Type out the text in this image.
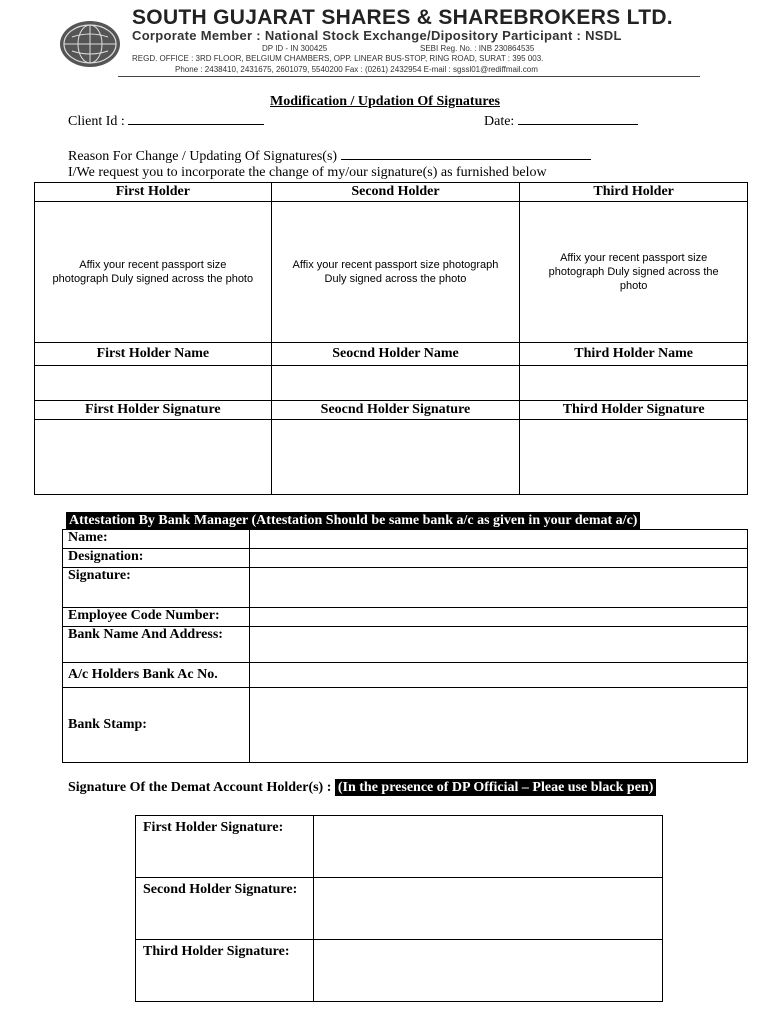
SOUTH GUJARAT SHARES & SHAREBROKERS LTD.
Corporate Member : National Stock Exchange/Dipository Participant : NSDL
DP ID - IN 300425	SEBI Reg. No. : INB 230864535
REGD. OFFICE : 3RD FLOOR, BELGIUM CHAMBERS, OPP. LINEAR BUS-STOP, RING ROAD, SURAT : 395 003.
Phone : 2438410, 2431675, 2601079, 5540200 Fax : (0261) 2432954 E-mail : sgssl01@rediffmail.com
Modification / Updation Of Signatures
Client Id :	Date:
Reason For Change / Updating Of Signatures(s)
I/We request you to incorporate the change of my/our signature(s) as furnished below
First Holder	Second Holder	Third Holder

Affix your recent passport size photograph Duly signed across the photo	Affix your recent passport size photograph Duly signed across the photo	Affix your recent passport size photograph Duly signed across the photo

First Holder Name	Seocnd Holder Name	Third Holder Name

First Holder Signature	Seocnd Holder Signature	Third Holder Signature

Attestation By Bank Manager (Attestation Should be same bank a/c as given in your demat a/c)
Name:	
Designation:	
Signature:	
Employee Code Number:	
Bank Name And Address:	
A/c Holders Bank Ac No.	
Bank Stamp:	
Signature Of the Demat Account Holder(s) : (In the presence of DP Official – Pleae use black pen)
First Holder Signature:	
Second Holder Signature:	
Third Holder Signature:	
